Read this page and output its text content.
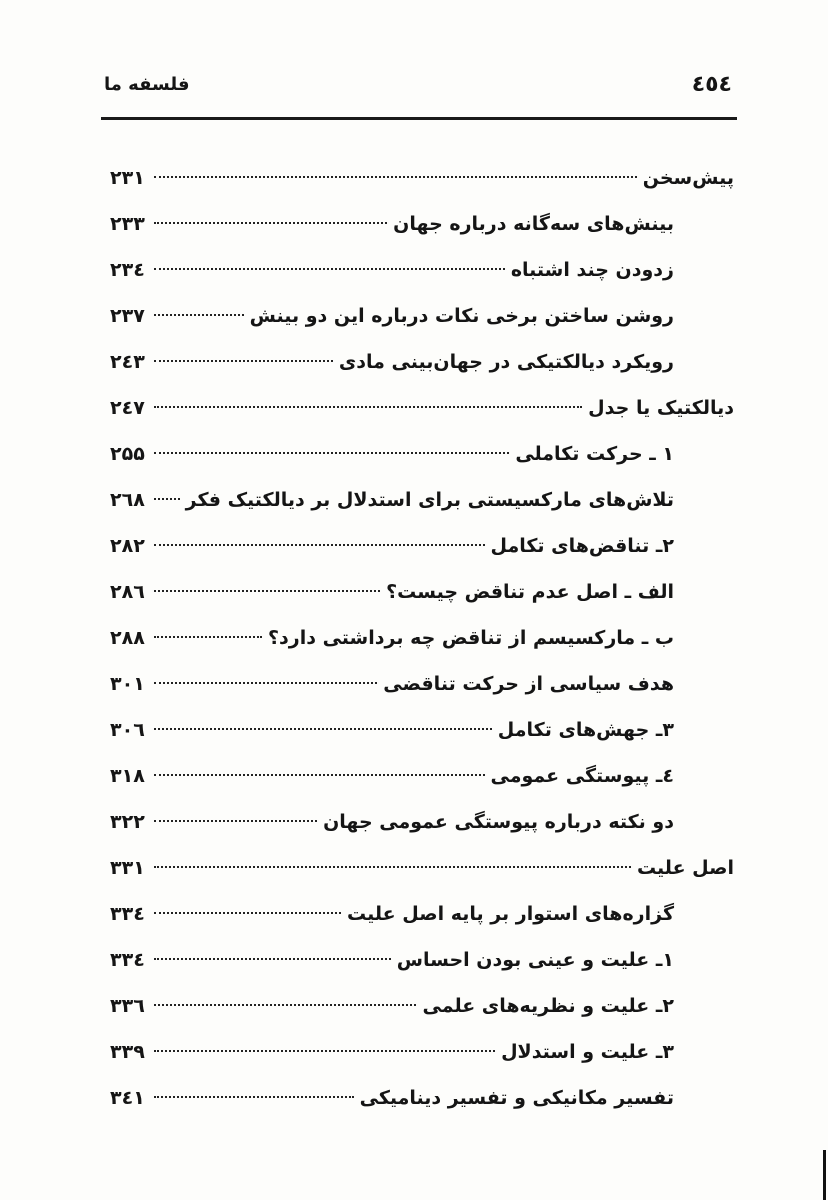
٤٥٤
فلسفه ما
پیش‌سخن
۲۳۱
بینش‌های سه‌گانه درباره جهان
۲۳۳
زدودن چند اشتباه
۲۳٤
روشن ساختن برخی نکات درباره این دو بینش
۲۳۷
رویکرد دیالکتیکی در جهان‌بینی مادی
۲٤۳
دیالکتیک یا جدل
۲٤۷
۱ ـ حرکت تکاملی
۲۵۵
تلاش‌های مارکسیستی برای استدلال بر دیالکتیک فکر
۲٦۸
۲ـ تناقض‌های تکامل
۲۸۲
الف ـ اصل عدم تناقض چیست؟
۲۸٦
ب ـ مارکسیسم از تناقض چه برداشتی دارد؟
۲۸۸
هدف سیاسی از حرکت تناقضی
۳۰۱
۳ـ جهش‌های تکامل
۳۰٦
٤ـ پیوستگی عمومی
۳۱۸
دو نکته درباره پیوستگی عمومی جهان
۳۲۲
اصل علیت
۳۳۱
گزاره‌های استوار بر پایه اصل علیت
۳۳٤
۱ـ علیت و عینی بودن احساس
۳۳٤
۲ـ علیت و نظریه‌های علمی
۳۳٦
۳ـ علیت و استدلال
۳۳۹
تفسیر مکانیکی و تفسیر دینامیکی
۳٤۱
